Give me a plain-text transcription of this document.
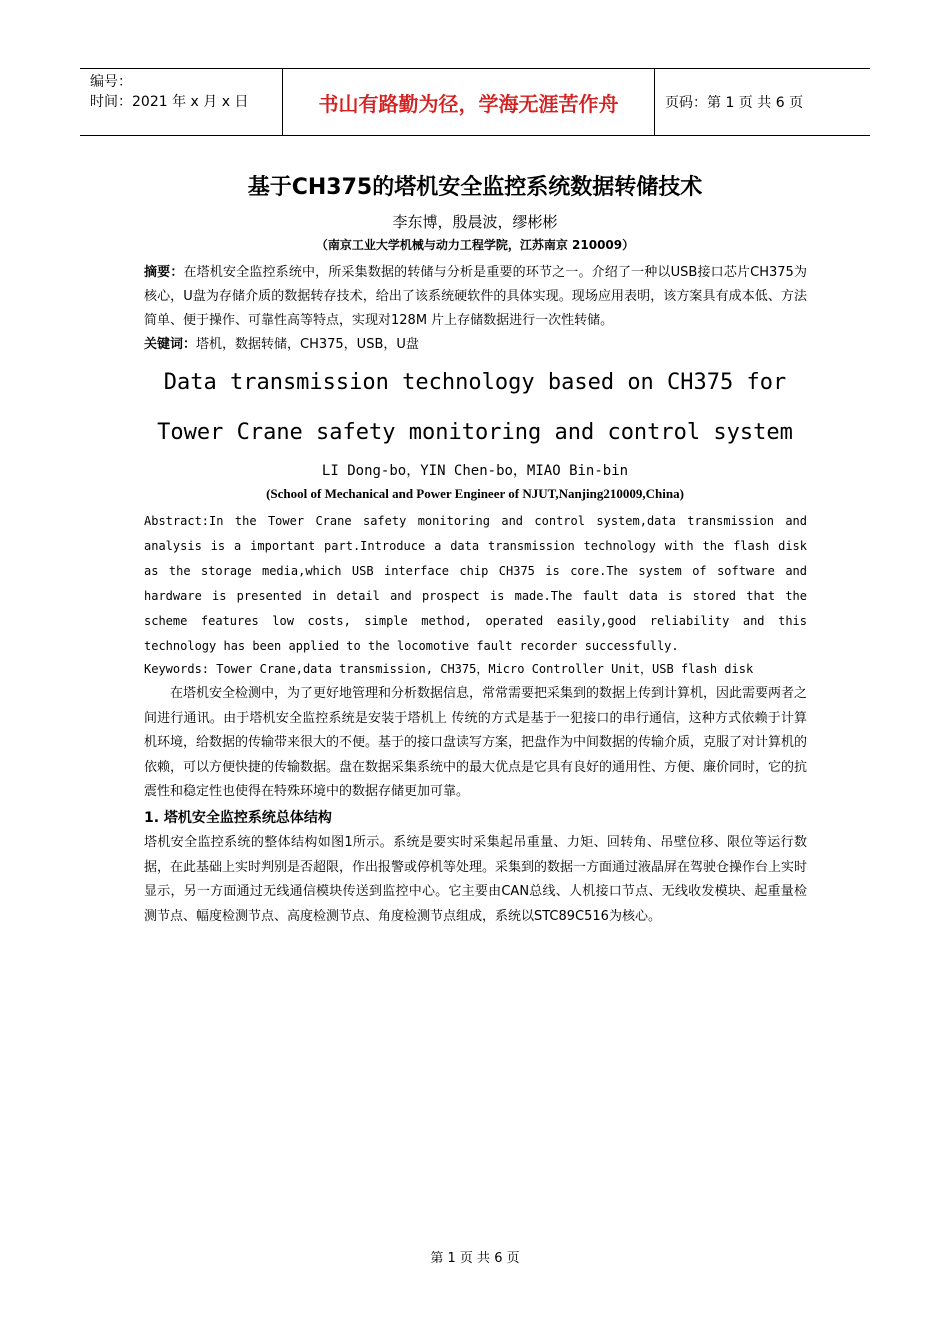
编号：
时间：2021 年 x 月 x 日	书山有路勤为径，学海无涯苦作舟	页码：第 1 页 共 6 页
基于CH375的塔机安全监控系统数据转储技术
李东博，殷晨波，缪彬彬
（南京工业大学机械与动力工程学院，江苏南京 210009）
摘要：在塔机安全监控系统中，所采集数据的转储与分析是重要的环节之一。介绍了一种以USB接口芯片CH375为核心，U盘为存储介质的数据转存技术，给出了该系统硬软件的具体实现。现场应用表明，该方案具有成本低、方法简单、便于操作、可靠性高等特点，实现对128M 片上存储数据进行一次性转储。
关键词：塔机，数据转储，CH375，USB，U盘
Data transmission technology based on CH375 for
Tower Crane safety monitoring and control system
LI Dong-bo，YIN Chen-bo，MIAO Bin-bin
(School of Mechanical and Power Engineer of NJUT,Nanjing210009,China)
Abstract:In the Tower Crane safety monitoring and control system,data transmission and analysis is a important part.Introduce a data transmission technology with the flash disk as the storage media,which USB interface chip CH375 is core.The system of software and hardware is presented in detail and prospect is made.The fault data is stored that the scheme features low costs, simple method, operated easily,good reliability and this technology has been applied to the locomotive fault recorder successfully.
Keywords: Tower Crane,data transmission, CH375，Micro Controller Unit，USB flash disk
在塔机安全检测中，为了更好地管理和分析数据信息，常常需要把采集到的数据上传到计算机，因此需要两者之间进行通讯。由于塔机安全监控系统是安装于塔机上 传统的方式是基于一犯接口的串行通信，这种方式依赖于计算机环境，给数据的传输带来很大的不便。基于的接口盘读写方案，把盘作为中间数据的传输介质，克服了对计算机的依赖，可以方便快捷的传输数据。盘在数据采集系统中的最大优点是它具有良好的通用性、方便、廉价同时，它的抗震性和稳定性也使得在特殊环境中的数据存储更加可靠。
1. 塔机安全监控系统总体结构
塔机安全监控系统的整体结构如图1所示。系统是要实时采集起吊重量、力矩、回转角、吊壁位移、限位等运行数据，在此基础上实时判别是否超限，作出报警或停机等处理。采集到的数据一方面通过液晶屏在驾驶仓操作台上实时显示，另一方面通过无线通信模块传送到监控中心。它主要由CAN总线、人机接口节点、无线收发模块、起重量检测节点、幅度检测节点、高度检测节点、角度检测节点组成，系统以STC89C516为核心。
第 1 页 共 6 页
